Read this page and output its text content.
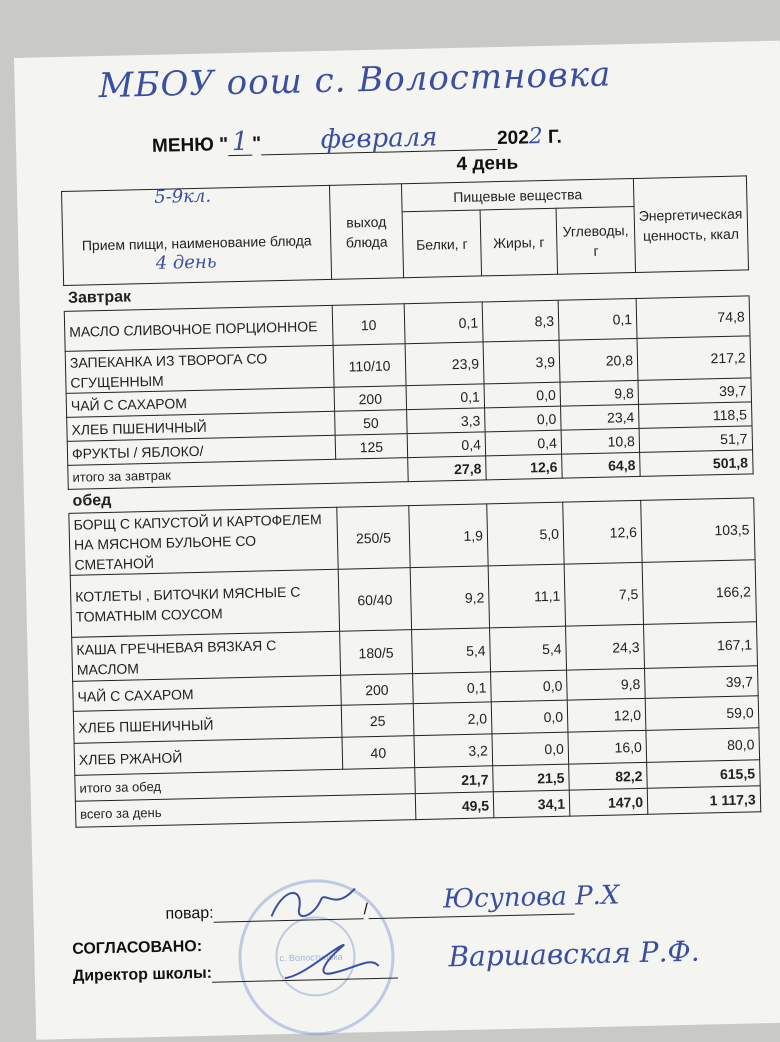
МБОУ оош с. Волостновка
МЕНЮ " 1 " февраля	2022 Г.
4 день
5-9кл.
Прием пищи, наименование блюда
4 день	выход блюда	Пищевые вещества			Энергетическая ценность, ккал
		Белки, г	Жиры, г	Углеводы, г	
Завтрак					
МАСЛО СЛИВОЧНОЕ ПОРЦИОННОЕ	10	0,1	8,3	0,1	74,8
ЗАПЕКАНКА ИЗ ТВОРОГА СО СГУЩЕННЫМ	110/10	23,9	3,9	20,8	217,2
ЧАЙ С САХАРОМ	200	0,1	0,0	9,8	39,7
ХЛЕБ ПШЕНИЧНЫЙ	50	3,3	0,0	23,4	118,5
ФРУКТЫ / ЯБЛОКО/	125	0,4	0,4	10,8	51,7
итого за завтрак		27,8	12,6	64,8	501,8
обед					
БОРЩ С КАПУСТОЙ И КАРТОФЕЛЕМ НА МЯСНОМ БУЛЬОНЕ СО СМЕТАНОЙ	250/5	1,9	5,0	12,6	103,5
КОТЛЕТЫ , БИТОЧКИ МЯСНЫЕ С ТОМАТНЫМ СОУСОМ	60/40	9,2	11,1	7,5	166,2
КАША ГРЕЧНЕВАЯ ВЯЗКАЯ С МАСЛОМ	180/5	5,4	5,4	24,3	167,1
ЧАЙ С САХАРОМ	200	0,1	0,0	9,8	39,7
ХЛЕБ ПШЕНИЧНЫЙ	25	2,0	0,0	12,0	59,0
ХЛЕБ РЖАНОЙ	40	3,2	0,0	16,0	80,0
итого за обед		21,7	21,5	82,2	615,5
всего за день		49,5	34,1	147,0	1 117,3
с. Волостновка
повар:	/	Юсупова Р.Х
СОГЛАСОВАНО:
Директор школы:
Варшавская Р.Ф.
